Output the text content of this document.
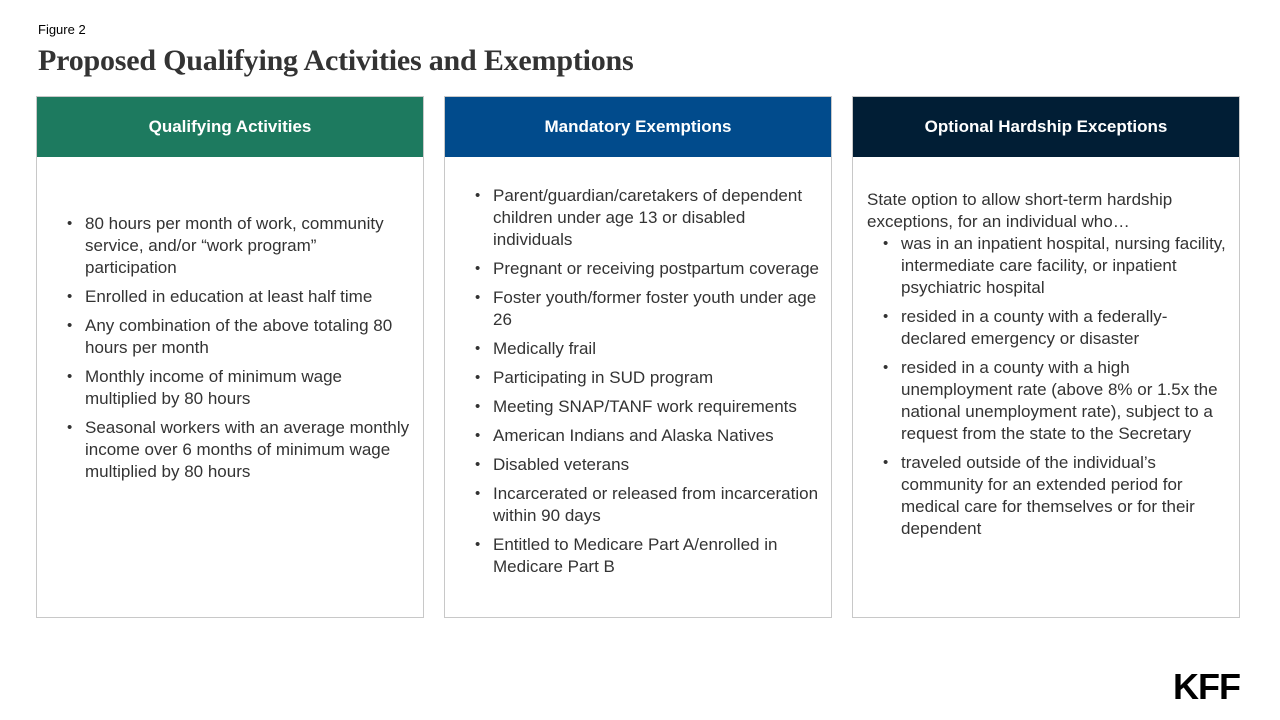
Figure 2
Proposed Qualifying Activities and Exemptions
Qualifying Activities
• 80 hours per month of work, community service, and/or “work program” participation
• Enrolled in education at least half time
• Any combination of the above totaling 80 hours per month
• Monthly income of minimum wage multiplied by 80 hours
• Seasonal workers with an average monthly income over 6 months of minimum wage multiplied by 80 hours
Mandatory Exemptions
• Parent/guardian/caretakers of dependent children under age 13 or disabled individuals
• Pregnant or receiving postpartum coverage
• Foster youth/former foster youth under age 26
• Medically frail
• Participating in SUD program
• Meeting SNAP/TANF work requirements
• American Indians and Alaska Natives
• Disabled veterans
• Incarcerated or released from incarceration within 90 days
• Entitled to Medicare Part A/enrolled in Medicare Part B
Optional Hardship Exceptions
State option to allow short-term hardship exceptions, for an individual who…
• was in an inpatient hospital, nursing facility, intermediate care facility, or inpatient psychiatric hospital
• resided in a county with a federally-declared emergency or disaster
• resided in a county with a high unemployment rate (above 8% or 1.5x the national unemployment rate), subject to a request from the state to the Secretary
• traveled outside of the individual’s community for an extended period for medical care for themselves or for their dependent
KFF
